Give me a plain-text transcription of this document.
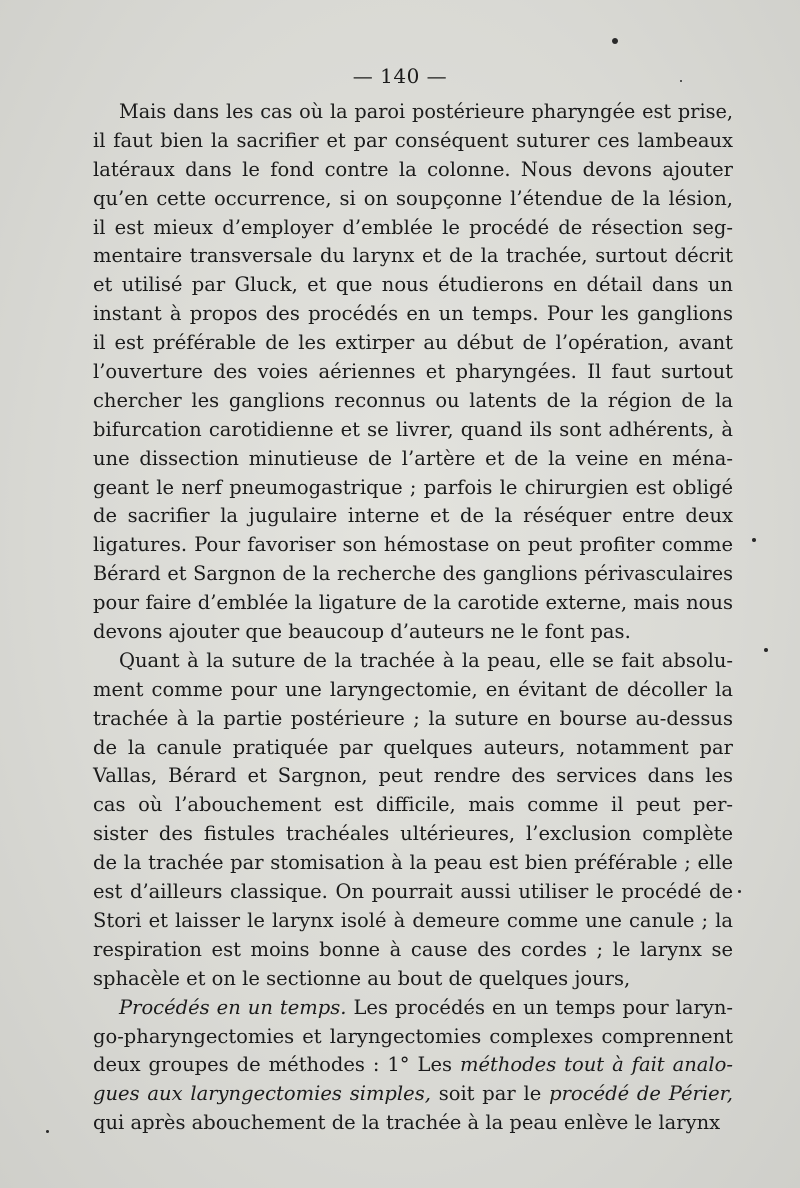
— 140 —
Mais dans les cas où la paroi postérieure pharyngée est prise,
il faut bien la sacrifier et par conséquent suturer ces lambeaux
latéraux dans le fond contre la colonne. Nous devons ajouter
qu’en cette occurrence, si on soupçonne l’étendue de la lésion,
il est mieux d’employer d’emblée le procédé de résection seg-
mentaire transversale du larynx et de la trachée, surtout décrit
et utilisé par Gluck, et que nous étudierons en détail dans un
instant à propos des procédés en un temps. Pour les ganglions
il est préférable de les extirper au début de l’opération, avant
l’ouverture des voies aériennes et pharyngées. Il faut surtout
chercher les ganglions reconnus ou latents de la région de la
bifurcation carotidienne et se livrer, quand ils sont adhérents, à
une dissection minutieuse de l’artère et de la veine en ména-
geant le nerf pneumogastrique ; parfois le chirurgien est obligé
de sacrifier la jugulaire interne et de la réséquer entre deux
ligatures. Pour favoriser son hémostase on peut profiter comme
Bérard et Sargnon de la recherche des ganglions périvasculaires
pour faire d’emblée la ligature de la carotide externe, mais nous
devons ajouter que beaucoup d’auteurs ne le font pas.
Quant à la suture de la trachée à la peau, elle se fait absolu-
ment comme pour une laryngectomie, en évitant de décoller la
trachée à la partie postérieure ; la suture en bourse au-dessus
de la canule pratiquée par quelques auteurs, notamment par
Vallas, Bérard et Sargnon, peut rendre des services dans les
cas où l’abouchement est difficile, mais comme il peut per-
sister des fistules trachéales ultérieures, l’exclusion complète
de la trachée par stomisation à la peau est bien préférable ; elle
est d’ailleurs classique. On pourrait aussi utiliser le procédé de
Stori et laisser le larynx isolé à demeure comme une canule ; la
respiration est moins bonne à cause des cordes ; le larynx se
sphacèle et on le sectionne au bout de quelques jours,
Procédés en un temps. Les procédés en un temps pour laryn-
go-pharyngectomies et laryngectomies complexes comprennent
deux groupes de méthodes : 1° Les méthodes tout à fait analo-
gues aux laryngectomies simples, soit par le procédé de Périer,
qui après abouchement de la trachée à la peau enlève le larynx
